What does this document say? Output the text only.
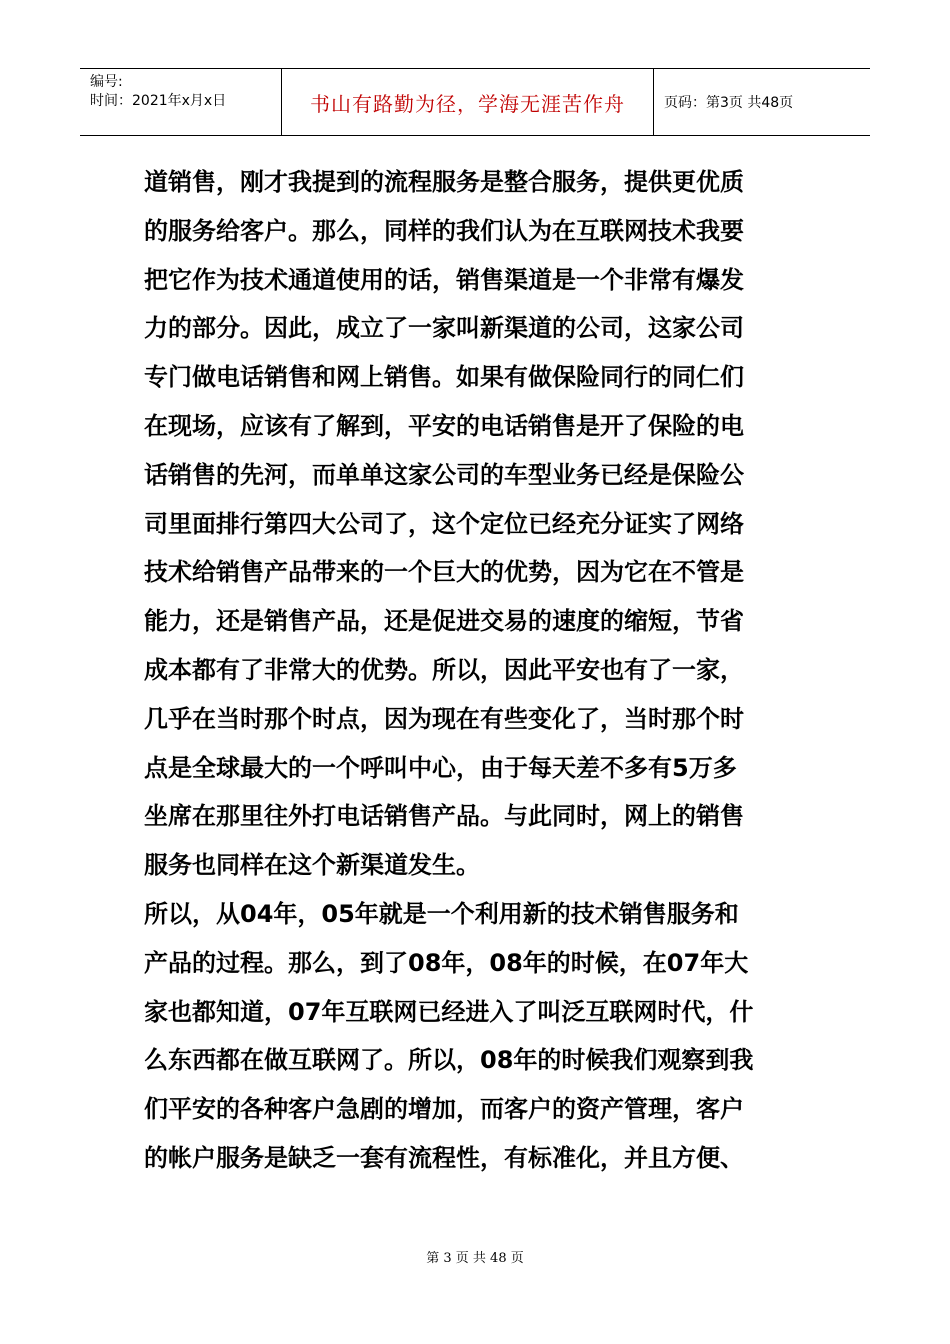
编号:
时间：2021年x月x日	书山有路勤为径，学海无涯苦作舟	页码：第3页 共48页
道销售，刚才我提到的流程服务是整合服务，提供更优质
的服务给客户。那么，同样的我们认为在互联网技术我要
把它作为技术通道使用的话，销售渠道是一个非常有爆发
力的部分。因此，成立了一家叫新渠道的公司，这家公司
专门做电话销售和网上销售。如果有做保险同行的同仁们
在现场，应该有了解到，平安的电话销售是开了保险的电
话销售的先河，而单单这家公司的车型业务已经是保险公
司里面排行第四大公司了，这个定位已经充分证实了网络
技术给销售产品带来的一个巨大的优势，因为它在不管是
能力，还是销售产品，还是促进交易的速度的缩短，节省
成本都有了非常大的优势。所以，因此平安也有了一家，
几乎在当时那个时点，因为现在有些变化了，当时那个时
点是全球最大的一个呼叫中心，由于每天差不多有5万多
坐席在那里往外打电话销售产品。与此同时，网上的销售
服务也同样在这个新渠道发生。
所以，从04年，05年就是一个利用新的技术销售服务和
产品的过程。那么，到了08年，08年的时候，在07年大
家也都知道，07年互联网已经进入了叫泛互联网时代，什
么东西都在做互联网了。所以，08年的时候我们观察到我
们平安的各种客户急剧的增加，而客户的资产管理，客户
的帐户服务是缺乏一套有流程性，有标准化，并且方便、
第 3 页 共 48 页
